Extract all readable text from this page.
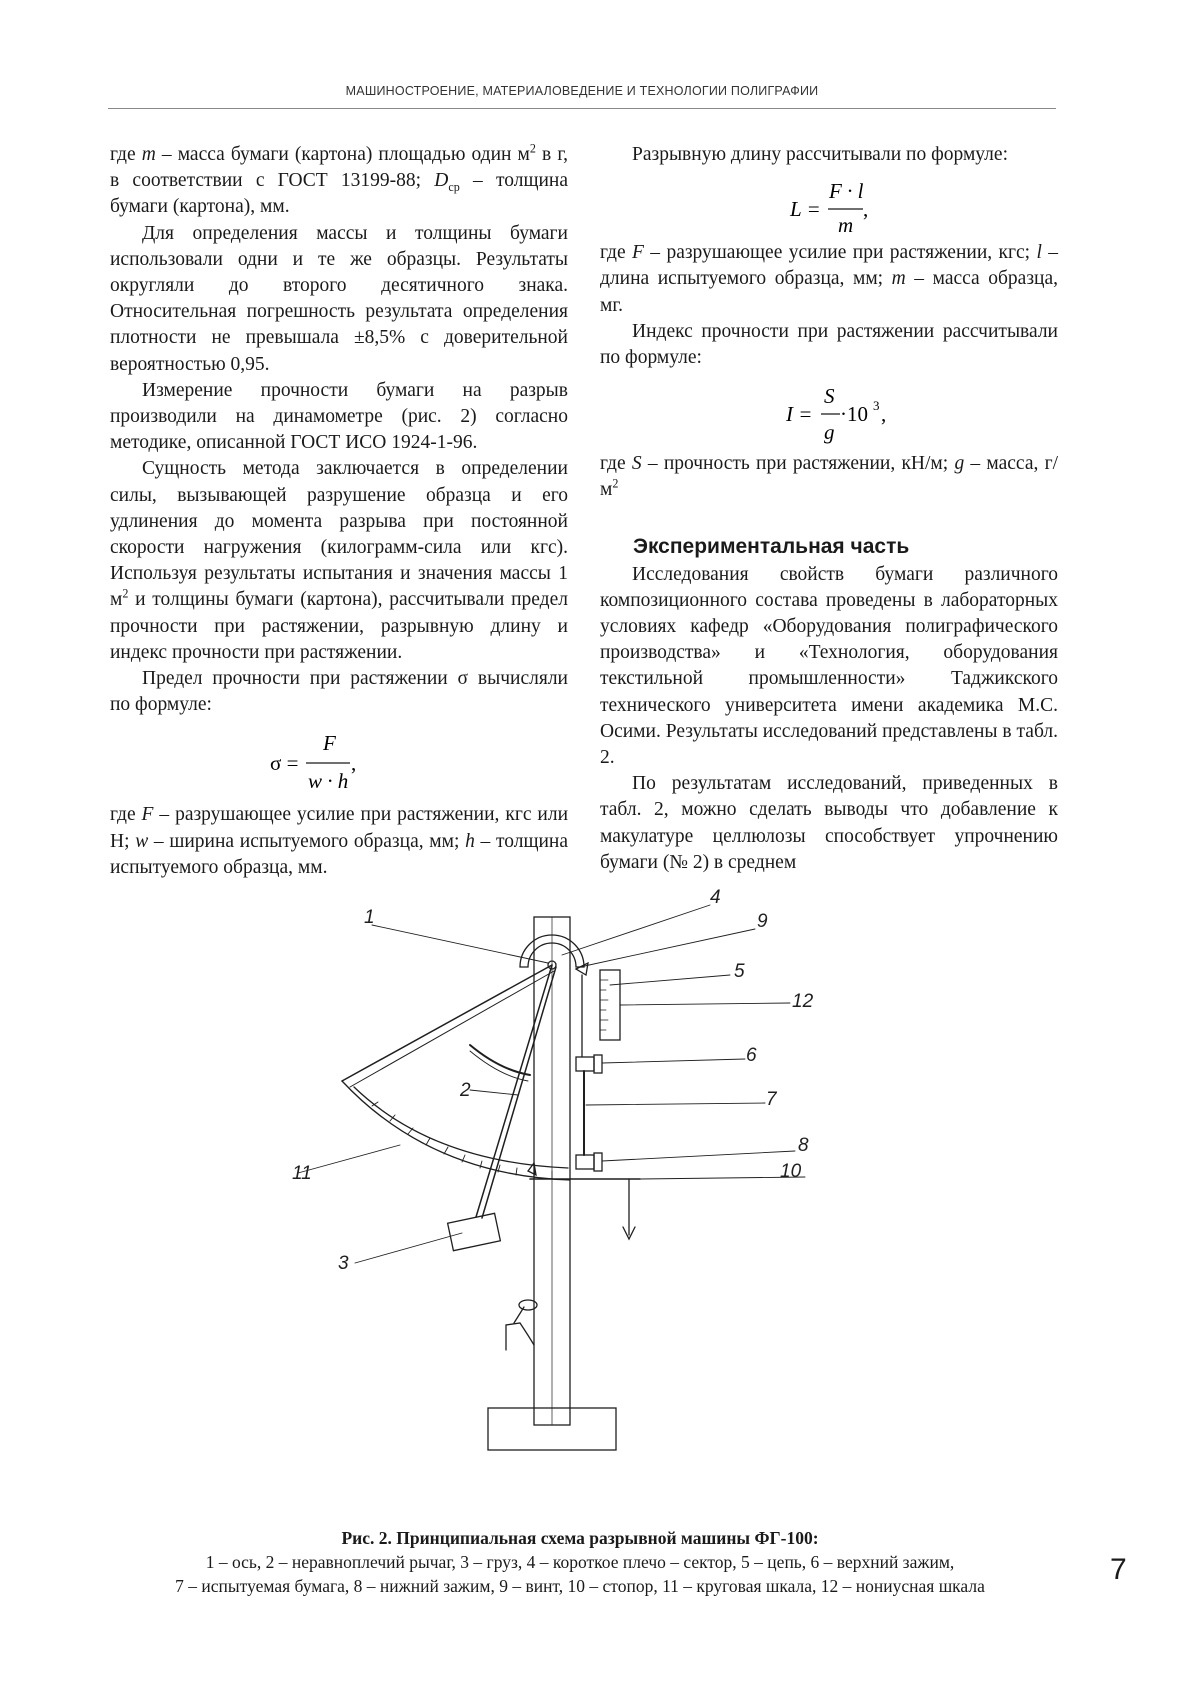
МАШИНОСТРОЕНИЕ, МАТЕРИАЛОВЕДЕНИЕ И ТЕХНОЛОГИИ ПОЛИГРАФИИ

где m – масса бумаги (картона) площадью один $м^2$ в г, в соответствии с ГОСТ 13199-88; $D_{ср}$ – толщина бумаги (картона), мм.

Для определения массы и толщины бумаги использовали одни и те же образцы. Результаты округляли до второго десятичного знака. Относительная погрешность результата определения плотности не превышала ±8,5% с доверительной вероятностью 0,95.

Измерение прочности бумаги на разрыв производили на динамометре (рис. 2) согласно методике, описанной ГОСТ ИСО 1924-1-96.

Сущность метода заключается в определении силы, вызывающей разрушение образца и его удлинения до момента разрыва при постоянной скорости нагружения (килограмм-сила или кгс). Используя результаты испытания и значения массы 1 $м^2$ и толщины бумаги (картона), рассчитывали предел прочности при растяжении, разрывную длину и индекс прочности при растяжении.

Предел прочности при растяжении σ вычисляли по формуле:

σ =
F
w · h
,

где F – разрушающее усилие при растяжении, кгс или Н; w – ширина испытуемого образца, мм; h – толщина испытуемого образца, мм.

Разрывную длину рассчитывали по формуле:

L =
F · l
m
,

где F – разрушающее усилие при растяжении, кгс; l – длина испытуемого образца, мм; m – масса образца, мг.

Индекс прочности при растяжении рассчитывали по формуле:

I =
S
g
·10 3 ,

где S – прочность при растяжении, кН/м; g – масса, $г/м^2$

Экспериментальная часть

Исследования свойств бумаги различного композиционного состава проведены в лабораторных условиях кафедр «Оборудования полиграфического производства» и «Технология, оборудования текстильной промышленности» Таджикского технического университета имени академика М.С. Осими. Результаты исследований представлены в табл. 2.

По результатам исследований, приведенных в табл. 2, можно сделать выводы что добавление к макулатуре целлюлозы способствует упрочнению бумаги (№ 2) в среднем

1
2
3
4
5
6
7
8
9
10
11
12
Рис. 2. Принципиальная схема разрывной машины ФГ-100:
1 – ось, 2 – неравноплечий рычаг, 3 – груз, 4 – короткое плечо – сектор, 5 – цепь, 6 – верхний зажим,
7 – испытуемая бумага, 8 – нижний зажим, 9 – винт, 10 – стопор, 11 – круговая шкала, 12 – нониусная шкала	7
